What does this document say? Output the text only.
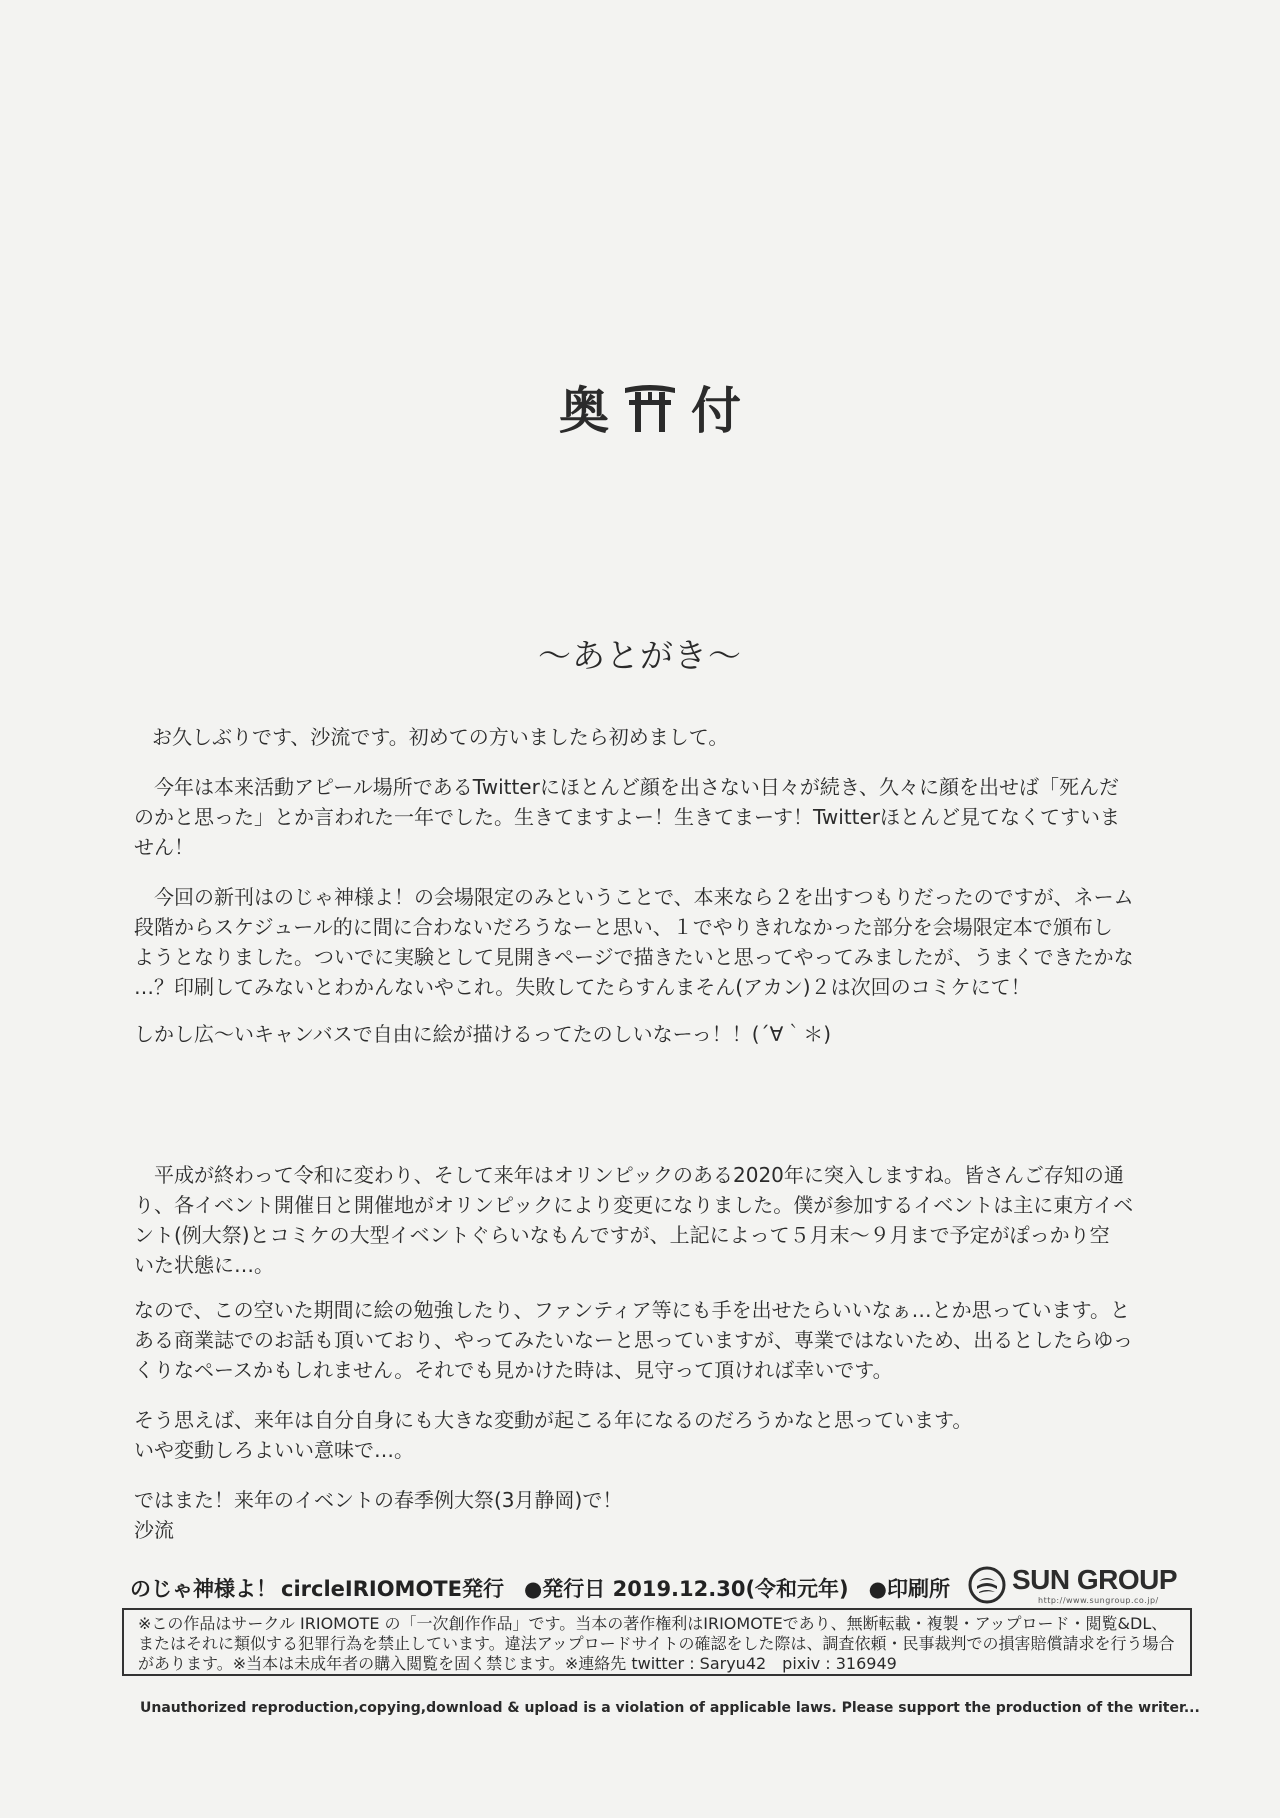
奥 付
～あとがき～

お久しぶりです、沙流です。初めての方いましたら初めまして。

　今年は本来活動アピール場所であるTwitterにほとんど顔を出さない日々が続き、久々に顔を出せば「死んだ
のかと思った」とか言われた一年でした。生きてますよー！生きてまーす！Twitterほとんど見てなくてすいま
せん！

　今回の新刊はのじゃ神様よ！の会場限定のみということで、本来なら２を出すつもりだったのですが、ネーム
段階からスケジュール的に間に合わないだろうなーと思い、１でやりきれなかった部分を会場限定本で頒布し
ようとなりました。ついでに実験として見開きページで描きたいと思ってやってみましたが、うまくできたかな
…？印刷してみないとわかんないやこれ。失敗してたらすんまそん(アカン)２は次回のコミケにて！

しかし広～いキャンバスで自由に絵が描けるってたのしいなーっ！！(´∀｀＊)

　平成が終わって令和に変わり、そして来年はオリンピックのある2020年に突入しますね。皆さんご存知の通
り、各イベント開催日と開催地がオリンピックにより変更になりました。僕が参加するイベントは主に東方イベ
ント(例大祭)とコミケの大型イベントぐらいなもんですが、上記によって５月末～９月まで予定がぽっかり空
いた状態に…。

なので、この空いた期間に絵の勉強したり、ファンティア等にも手を出せたらいいなぁ…とか思っています。と
ある商業誌でのお話も頂いており、やってみたいなーと思っていますが、専業ではないため、出るとしたらゆっ
くりなペースかもしれません。それでも見かけた時は、見守って頂ければ幸いです。

そう思えば、来年は自分自身にも大きな変動が起こる年になるのだろうかなと思っています。
いや変動しろよいい意味で…。

ではまた！来年のイベントの春季例大祭(3月静岡)で！
沙流

のじゃ神様よ！ circleIRIOMOTE発行 ●発行日 2019.12.30(令和元年) ●印刷所 SUN GROUP
http://www.sungroup.co.jp/

※この作品はサークル IRIOMOTE の「一次創作作品」です。当本の著作権利はIRIOMOTEであり、無断転載・複製・アップロード・閲覧&DL、またはそれに類似する犯罪行為を禁止しています。違法アップロードサイトの確認をした際は、調査依頼・民事裁判での損害賠償請求を行う場合があります。※当本は未成年者の購入閲覧を固く禁じます。※連絡先 twitter : Saryu42　pixiv : 316949

Unauthorized reproduction,copying,download & upload is a violation of applicable laws. Please support the production of the writer...
